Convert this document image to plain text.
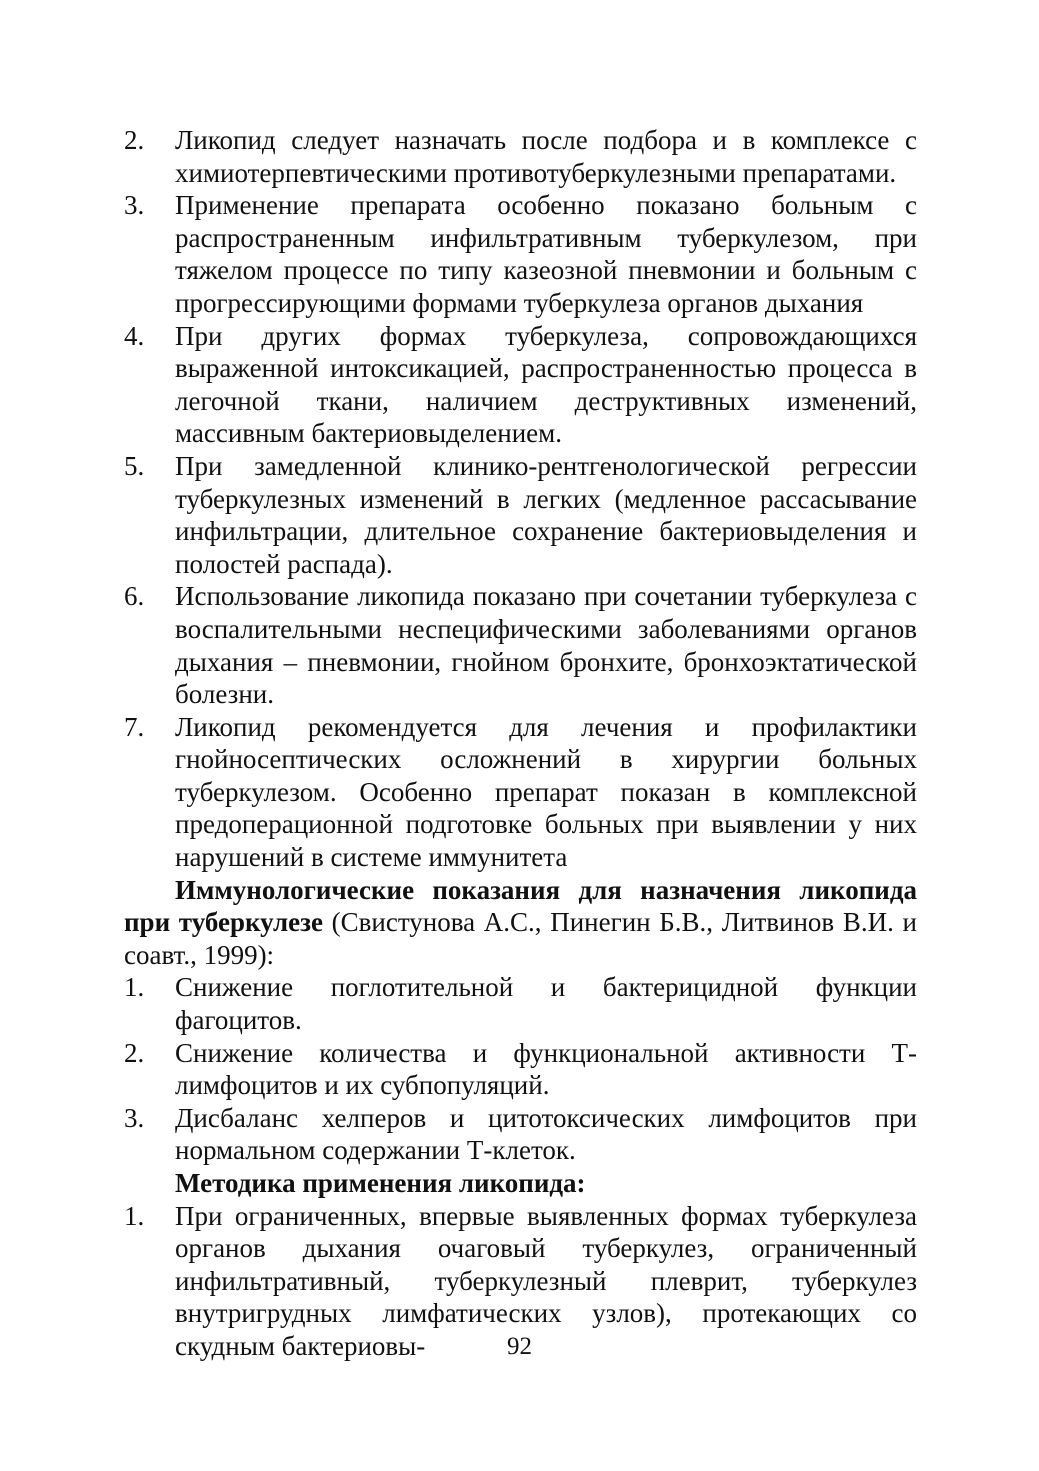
2. Ликопид следует назначать после подбора и в комплексе с химиотерпевтическими противотуберкулезными препаратами.
3. Применение препарата особенно показано больным с распространенным инфильтративным туберкулезом, при тяжелом процессе по типу казеозной пневмонии и больным с прогрессирующими формами туберкулеза органов дыхания
4. При других формах туберкулеза, сопровождающихся выраженной интоксикацией, распространенностью процесса в легочной ткани, наличием деструктивных изменений, массивным бактериовыделением.
5. При замедленной клинико-рентгенологической регрессии туберкулезных изменений в легких (медленное рассасывание инфильтрации, длительное сохранение бактериовыделения и полостей распада).
6. Использование ликопида показано при сочетании туберкулеза с воспалительными неспецифическими заболеваниями органов дыхания – пневмонии, гнойном бронхите, бронхоэктатической болезни.
7. Ликопид рекомендуется для лечения и профилактики гнойносептических осложнений в хирургии больных туберкулезом. Особенно препарат показан в комплексной предоперационной подготовке больных при выявлении у них нарушений в системе иммунитета
Иммунологические показания для назначения ликопида при туберкулезе (Свистунова А.С., Пинегин Б.В., Литвинов В.И. и соавт., 1999):
1. Снижение поглотительной и бактерицидной функции фагоцитов.
2. Снижение количества и функциональной активности Т-лимфоцитов и их субпопуляций.
3. Дисбаланс хелперов и цитотоксических лимфоцитов при нормальном содержании Т-клеток.
Методика применения ликопида:
1. При ограниченных, впервые выявленных формах туберкулеза органов дыхания очаговый туберкулез, ограниченный инфильтративный, туберкулезный плеврит, туберкулез внутригрудных лимфатических узлов), протекающих со скудным бактериовы-	92
